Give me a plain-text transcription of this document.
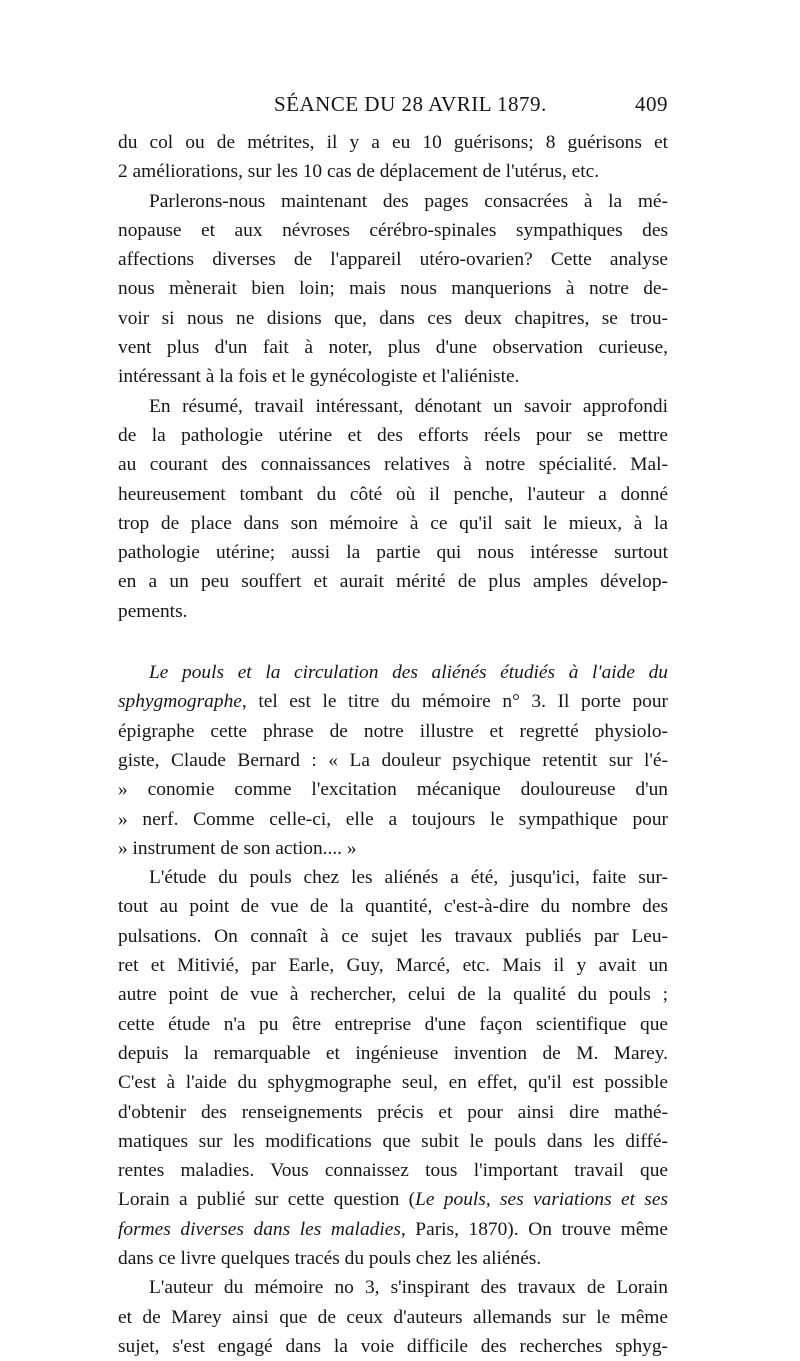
SÉANCE DU 28 AVRIL 1879.	409
du col ou de métrites, il y a eu 10 guérisons; 8 guérisons et
2 améliorations, sur les 10 cas de déplacement de l'utérus, etc.
Parlerons-nous maintenant des pages consacrées à la mé-
nopause et aux névroses cérébro-spinales sympathiques des
affections diverses de l'appareil utéro-ovarien? Cette analyse
nous mènerait bien loin; mais nous manquerions à notre de-
voir si nous ne disions que, dans ces deux chapitres, se trou-
vent plus d'un fait à noter, plus d'une observation curieuse,
intéressant à la fois et le gynécologiste et l'aliéniste.
En résumé, travail intéressant, dénotant un savoir approfondi
de la pathologie utérine et des efforts réels pour se mettre
au courant des connaissances relatives à notre spécialité. Mal-
heureusement tombant du côté où il penche, l'auteur a donné
trop de place dans son mémoire à ce qu'il sait le mieux, à la
pathologie utérine; aussi la partie qui nous intéresse surtout
en a un peu souffert et aurait mérité de plus amples dévelop-
pements.
Le pouls et la circulation des aliénés étudiés à l'aide du
sphygmographe, tel est le titre du mémoire n° 3. Il porte pour
épigraphe cette phrase de notre illustre et regretté physiolo-
giste, Claude Bernard : « La douleur psychique retentit sur l'é-
» conomie comme l'excitation mécanique douloureuse d'un
» nerf. Comme celle-ci, elle a toujours le sympathique pour
» instrument de son action.... »
L'étude du pouls chez les aliénés a été, jusqu'ici, faite sur-
tout au point de vue de la quantité, c'est-à-dire du nombre des
pulsations. On connaît à ce sujet les travaux publiés par Leu-
ret et Mitivié, par Earle, Guy, Marcé, etc. Mais il y avait un
autre point de vue à rechercher, celui de la qualité du pouls ;
cette étude n'a pu être entreprise d'une façon scientifique que
depuis la remarquable et ingénieuse invention de M. Marey.
C'est à l'aide du sphygmographe seul, en effet, qu'il est possible
d'obtenir des renseignements précis et pour ainsi dire mathé-
matiques sur les modifications que subit le pouls dans les diffé-
rentes maladies. Vous connaissez tous l'important travail que
Lorain a publié sur cette question (Le pouls, ses variations et ses
formes diverses dans les maladies, Paris, 1870). On trouve même
dans ce livre quelques tracés du pouls chez les aliénés.
L'auteur du mémoire no 3, s'inspirant des travaux de Lorain
et de Marey ainsi que de ceux d'auteurs allemands sur le même
sujet, s'est engagé dans la voie difficile des recherches sphyg-
